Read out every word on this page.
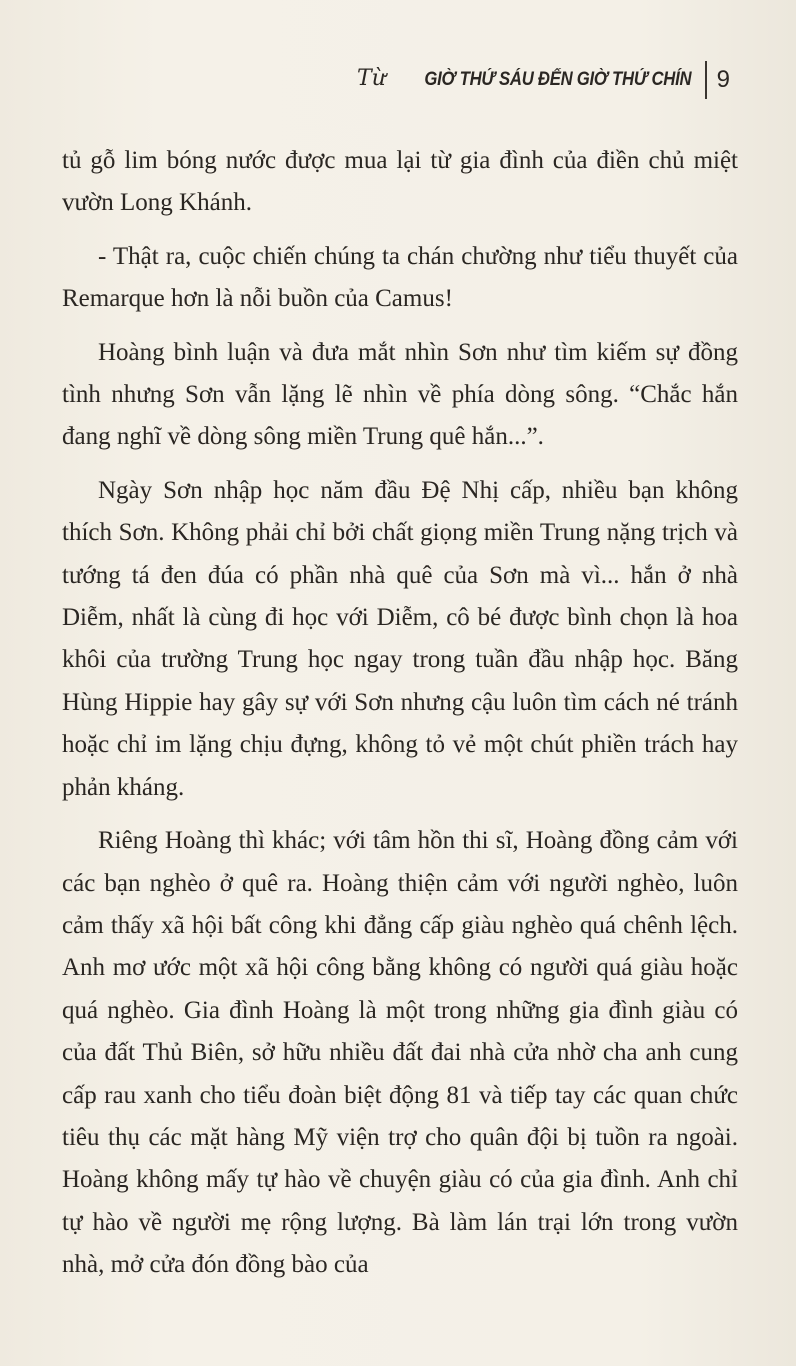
Từ GIỜ THỨ SÁU ĐẾN GIỜ THỨ CHÍN 9

tủ gỗ lim bóng nước được mua lại từ gia đình của điền chủ miệt vườn Long Khánh.

- Thật ra, cuộc chiến chúng ta chán chường như tiểu thuyết của Remarque hơn là nỗi buồn của Camus!

Hoàng bình luận và đưa mắt nhìn Sơn như tìm kiếm sự đồng tình nhưng Sơn vẫn lặng lẽ nhìn về phía dòng sông. “Chắc hắn đang nghĩ về dòng sông miền Trung quê hắn...”.

Ngày Sơn nhập học năm đầu Đệ Nhị cấp, nhiều bạn không thích Sơn. Không phải chỉ bởi chất giọng miền Trung nặng trịch và tướng tá đen đúa có phần nhà quê của Sơn mà vì... hắn ở nhà Diễm, nhất là cùng đi học với Diễm, cô bé được bình chọn là hoa khôi của trường Trung học ngay trong tuần đầu nhập học. Băng Hùng Hippie hay gây sự với Sơn nhưng cậu luôn tìm cách né tránh hoặc chỉ im lặng chịu đựng, không tỏ vẻ một chút phiền trách hay phản kháng.

Riêng Hoàng thì khác; với tâm hồn thi sĩ, Hoàng đồng cảm với các bạn nghèo ở quê ra. Hoàng thiện cảm với người nghèo, luôn cảm thấy xã hội bất công khi đẳng cấp giàu nghèo quá chênh lệch. Anh mơ ước một xã hội công bằng không có người quá giàu hoặc quá nghèo. Gia đình Hoàng là một trong những gia đình giàu có của đất Thủ Biên, sở hữu nhiều đất đai nhà cửa nhờ cha anh cung cấp rau xanh cho tiểu đoàn biệt động 81 và tiếp tay các quan chức tiêu thụ các mặt hàng Mỹ viện trợ cho quân đội bị tuồn ra ngoài. Hoàng không mấy tự hào về chuyện giàu có của gia đình. Anh chỉ tự hào về người mẹ rộng lượng. Bà làm lán trại lớn trong vườn nhà, mở cửa đón đồng bào của
